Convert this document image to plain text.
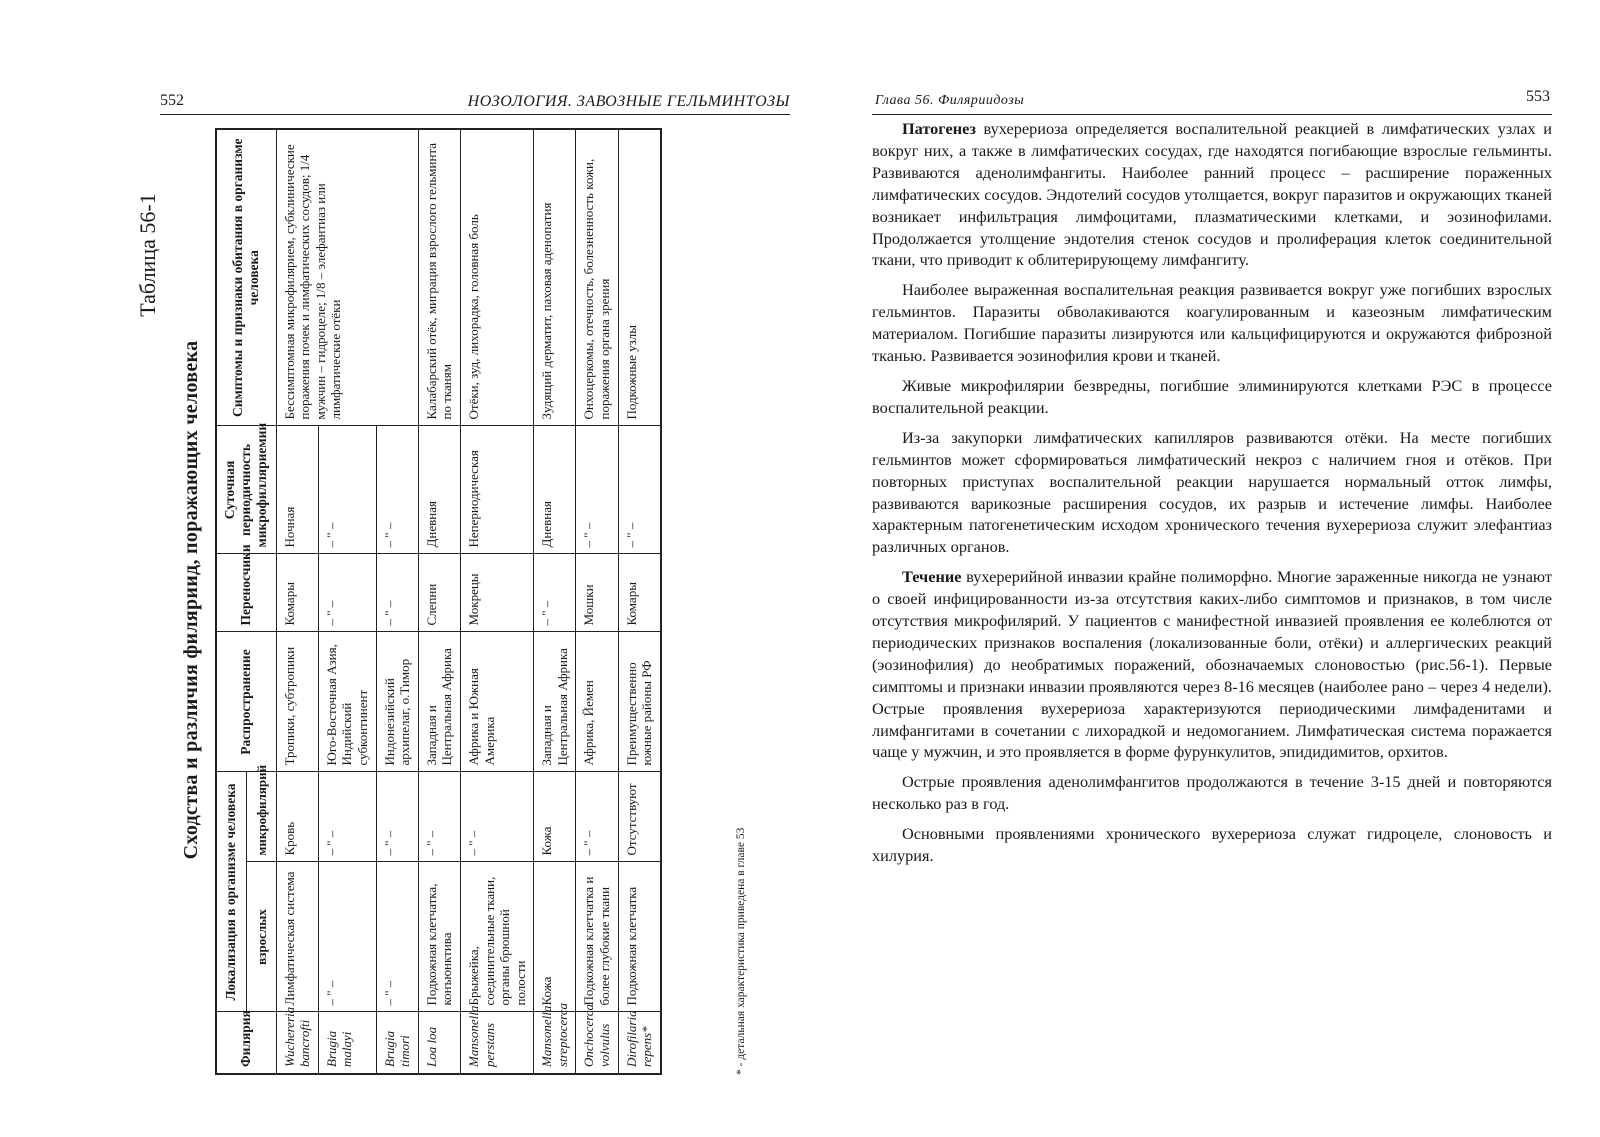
552	НОЗОЛОГИЯ. ЗАВОЗНЫЕ ГЕЛЬМИНТОЗЫ
Таблица 56-1
Сходства и различия филяриид, поражающих человека
Филярия	Локализация в организме человека		Распространение	Переносчики	Суточная периодичность микрофилляриемии	Симптомы и признаки обитания в организме человека
	взрослых	микрофилярий				
Wuchereria bancrofti	Лимфатическая система	Кровь	Тропики, субтропики	Комары	Ночная	Бессимптомная микрофилярием, субклинические поражения почек и лимфатических сосудов; 1/4 мужчин – гидроцеле; 1/8 – элефантиаз или лимфатические отёки
Brugia malayi	– " –	– " –	Юго-Восточная Азия, Индийский субконтинент	– " –	– " –	
Brugia timori	– " –	– " –	Индонезийский архипелаг, о.Тимор	– " –	– " –	
Loa loa	Подкожная клетчатка, конъюнктива	– " –	Западная и Центральная Африка	Слепни	Дневная	Калабарский отёк, миграция взрослого гельминта по тканям
Mansonella perstans	Брыжейка, соединительные ткани, органы брюшной полости	– " –	Африка и Южная Америка	Мокрецы	Непериодическая	Отёки, зуд, лихорадка, головная боль
Mansonella streptocerca	Кожа	Кожа	Западная и Центральная Африка	– " –	Дневная	Зудящий дерматит, паховая аденопатия
Onchocerca volvulus	Подкожная клетчатка и более глубокие ткани	– " –	Африка, Йемен	Мошки	– " –	Онхоцеркомы, отечность, болезненность кожи, поражения органа зрения
Dirofilaria repens*	Подкожная клетчатка	Отсутствуют	Преимущественно южные районы РФ	Комары	– " –	Подкожные узлы
* - детальная характеристика приведена в главе 53
Глава 56. Филяриидозы	553

Патогенез вухерериоза определяется воспалительной реакцией в лимфатических узлах и вокруг них, а также в лимфатических сосудах, где находятся погибающие взрослые гельминты. Развиваются аденолимфангиты. Наиболее ранний процесс – расширение пораженных лимфатических сосудов. Эндотелий сосудов утолщается, вокруг паразитов и окружающих тканей возникает инфильтрация лимфоцитами, плазматическими клетками, и эозинофилами. Продолжается утолщение эндотелия стенок сосудов и пролиферация клеток соединительной ткани, что приводит к облитерирующему лимфангиту.

Наиболее выраженная воспалительная реакция развивается вокруг уже погибших взрослых гельминтов. Паразиты обволакиваются коагулированным и казеозным лимфатическим материалом. Погибшие паразиты лизируются или кальцифицируются и окружаются фиброзной тканью. Развивается эозинофилия крови и тканей.

Живые микрофилярии безвредны, погибшие элиминируются клетками РЭС в процессе воспалительной реакции.

Из-за закупорки лимфатических капилляров развиваются отёки. На месте погибших гельминтов может сформироваться лимфатический некроз с наличием гноя и отёков. При повторных приступах воспалительной реакции нарушается нормальный отток лимфы, развиваются варикозные расширения сосудов, их разрыв и истечение лимфы. Наиболее характерным патогенетическим исходом хронического течения вухерериоза служит элефантиаз различных органов.

Течение вухерерийной инвазии крайне полиморфно. Многие зараженные никогда не узнают о своей инфицированности из-за отсутствия каких-либо симптомов и признаков, в том числе отсутствия микрофилярий. У пациентов с манифестной инвазией проявления ее колеблются от периодических признаков воспаления (локализованные боли, отёки) и аллергических реакций (эозинофилия) до необратимых поражений, обозначаемых слоновостью (рис.56-1). Первые симптомы и признаки инвазии проявляются через 8-16 месяцев (наиболее рано – через 4 недели). Острые проявления вухерериоза характеризуются периодическими лимфаденитами и лимфангитами в сочетании с лихорадкой и недомоганием. Лимфатическая система поражается чаще у мужчин, и это проявляется в форме фурункулитов, эпидидимитов, орхитов.

Острые проявления аденолимфангитов продолжаются в течение 3-15 дней и повторяются несколько раз в год.

Основными проявлениями хронического вухерериоза служат гидроцеле, слоновость и хилурия.
